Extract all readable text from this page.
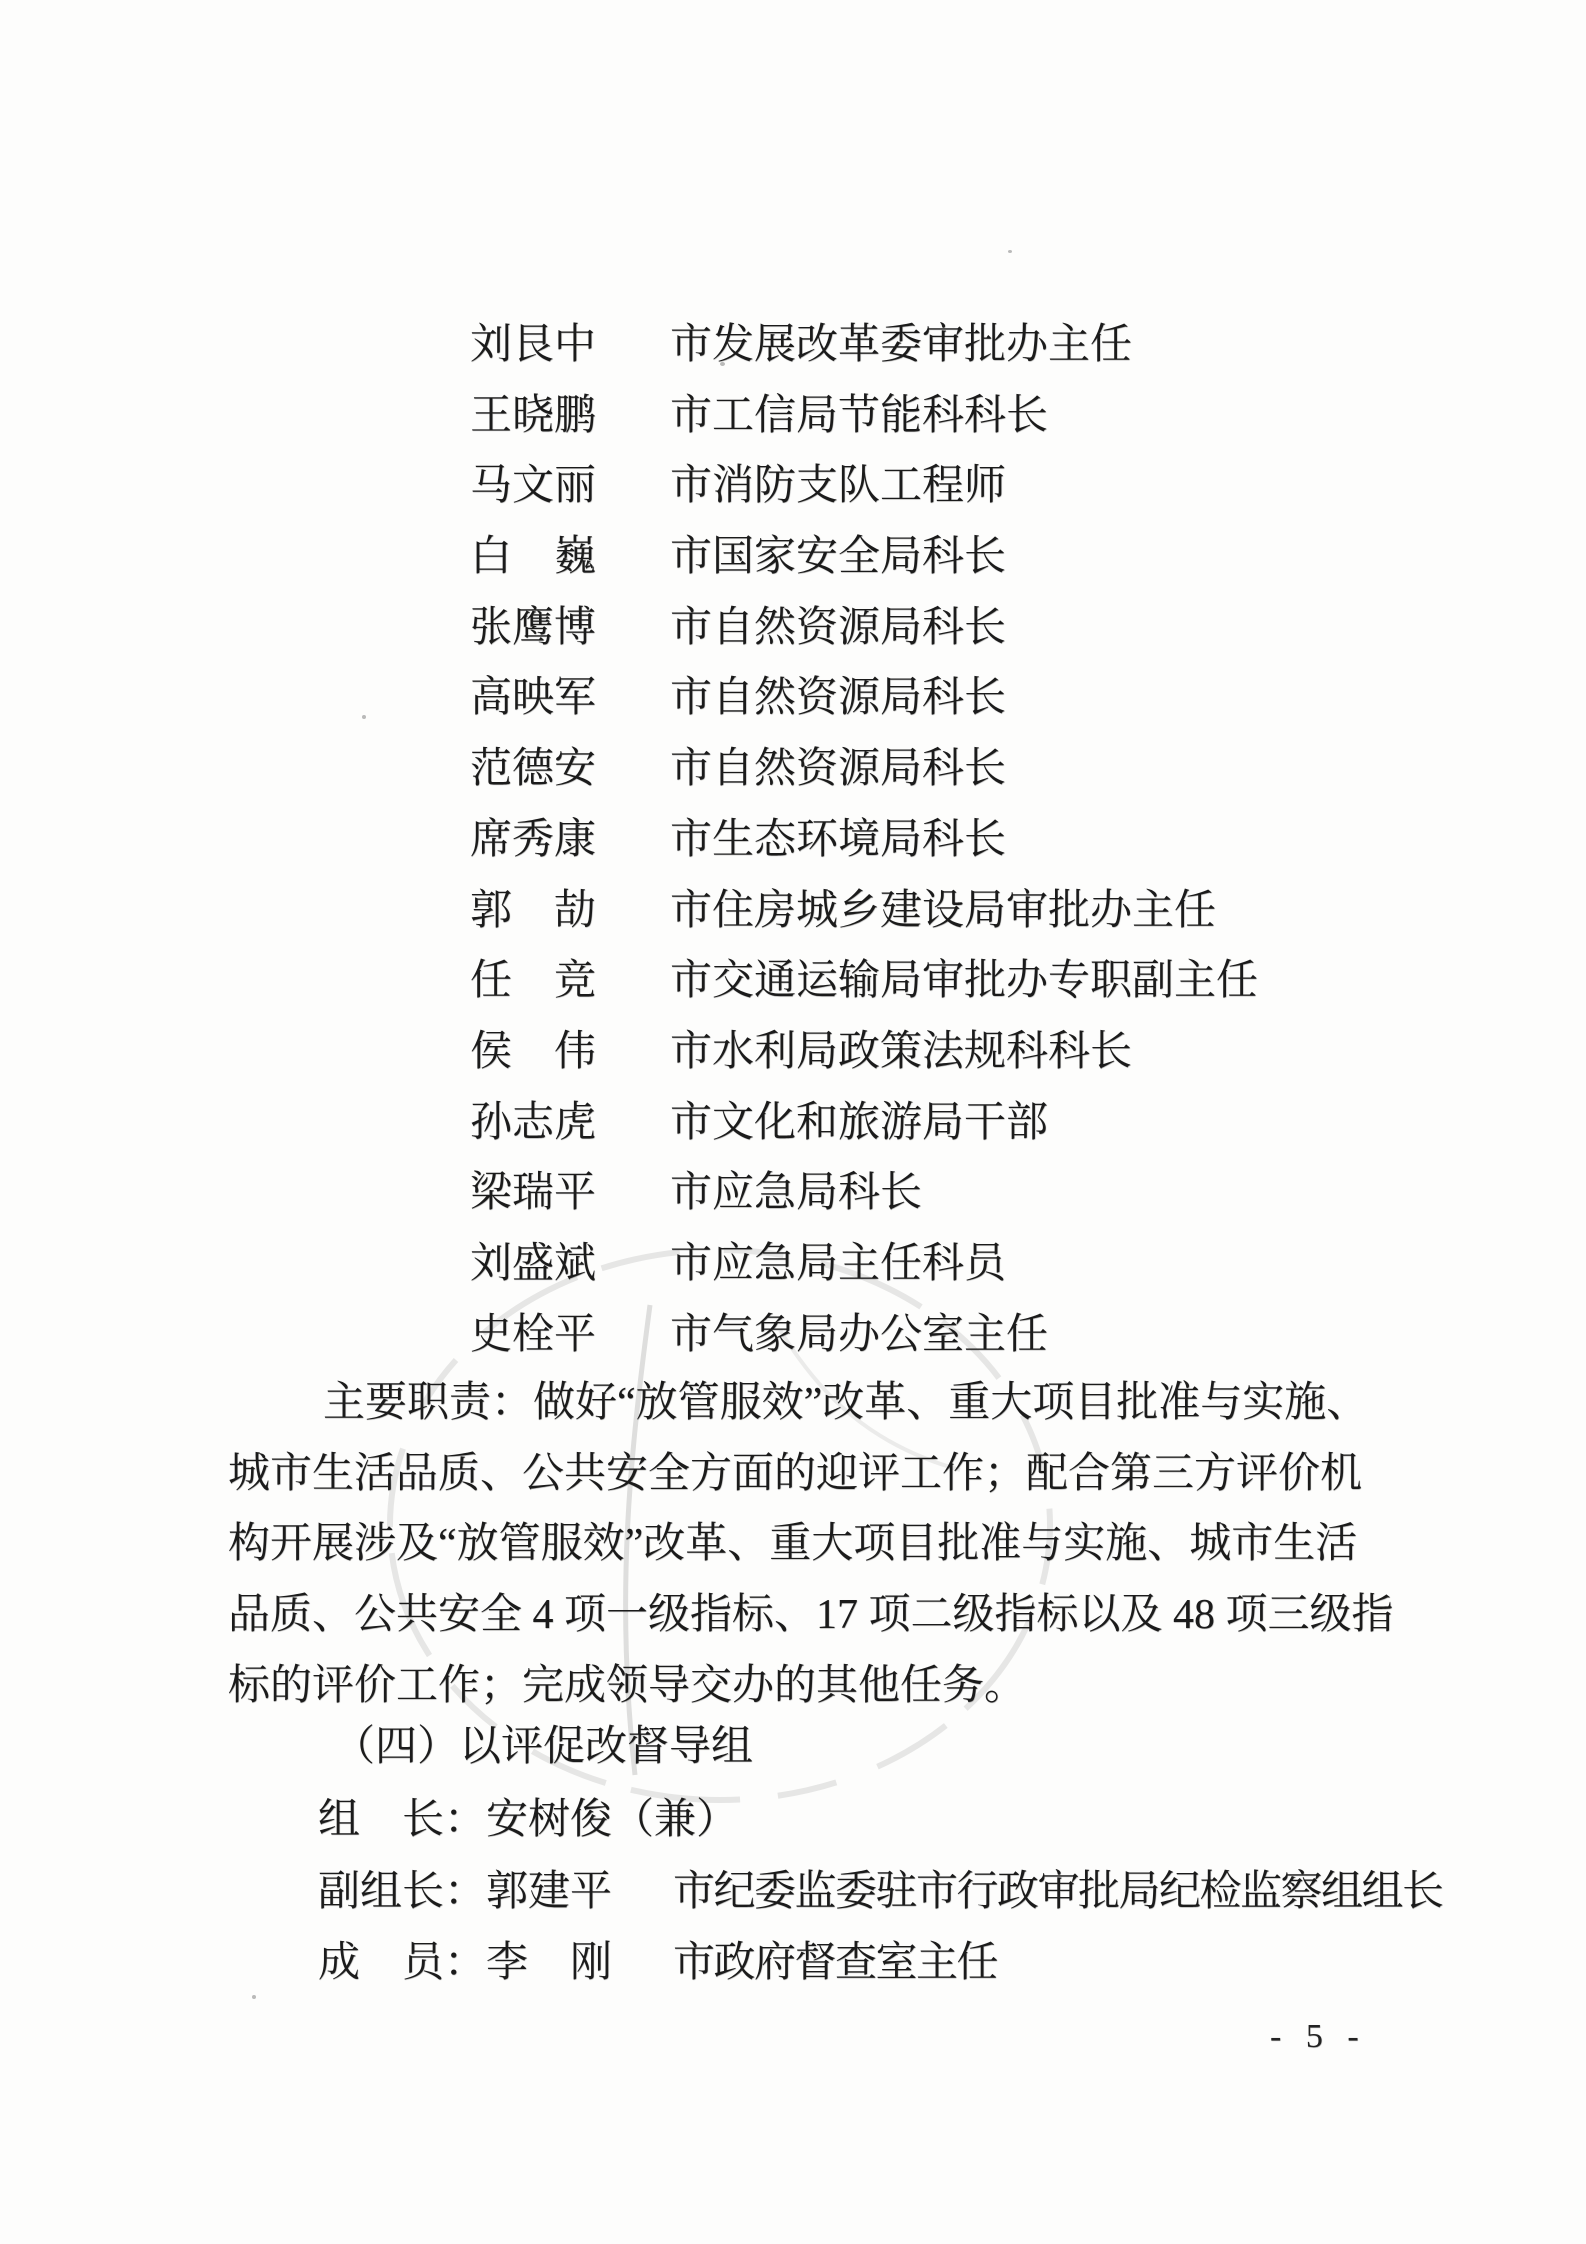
刘艮中	市发展改革委审批办主任
王晓鹏	市工信局节能科科长
马文丽	市消防支队工程师
白　巍	市国家安全局科长
张鹰博	市自然资源局科长
高映军	市自然资源局科长
范德安	市自然资源局科长
席秀康	市生态环境局科长
郭　劼	市住房城乡建设局审批办主任
任　竞	市交通运输局审批办专职副主任
侯　伟	市水利局政策法规科科长
孙志虎	市文化和旅游局干部
梁瑞平	市应急局科长
刘盛斌	市应急局主任科员
史栓平	市气象局办公室主任
主要职责：做好“放管服效”改革、重大项目批准与实施、
城市生活品质、公共安全方面的迎评工作；配合第三方评价机
构开展涉及“放管服效”改革、重大项目批准与实施、城市生活
品质、公共安全 4 项一级指标、17 项二级指标以及 48 项三级指
标的评价工作；完成领导交办的其他任务。
（四）以评促改督导组
组　长： 安树俊（兼）
副组长： 郭建平	市纪委监委驻市行政审批局纪检监察组组长
成　员： 李　刚	市政府督查室主任
- 5 -
